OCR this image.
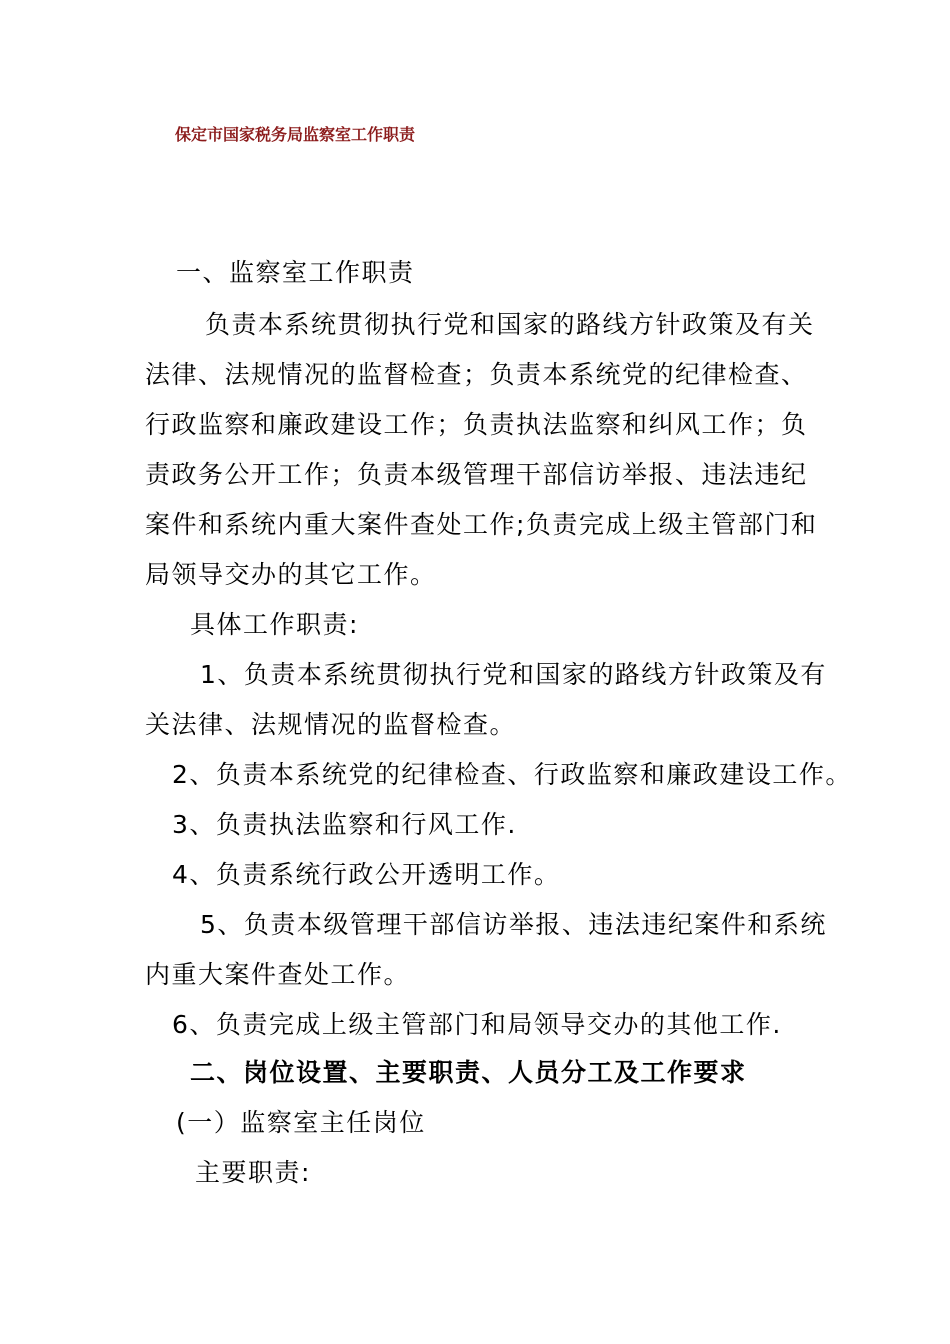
保定市国家税务局监察室工作职责
一、监察室工作职责
负责本系统贯彻执行党和国家的路线方针政策及有关
法律、法规情况的监督检查；负责本系统党的纪律检查、
行政监察和廉政建设工作；负责执法监察和纠风工作；负
责政务公开工作；负责本级管理干部信访举报、违法违纪
案件和系统内重大案件查处工作;负责完成上级主管部门和
局领导交办的其它工作。
具体工作职责:
1、负责本系统贯彻执行党和国家的路线方针政策及有
关法律、法规情况的监督检查。
2、负责本系统党的纪律检查、行政监察和廉政建设工作。
3、负责执法监察和行风工作.
4、负责系统行政公开透明工作。
5、负责本级管理干部信访举报、违法违纪案件和系统
内重大案件查处工作。
6、负责完成上级主管部门和局领导交办的其他工作.
二、岗位设置、主要职责、人员分工及工作要求
(一）监察室主任岗位
主要职责:
